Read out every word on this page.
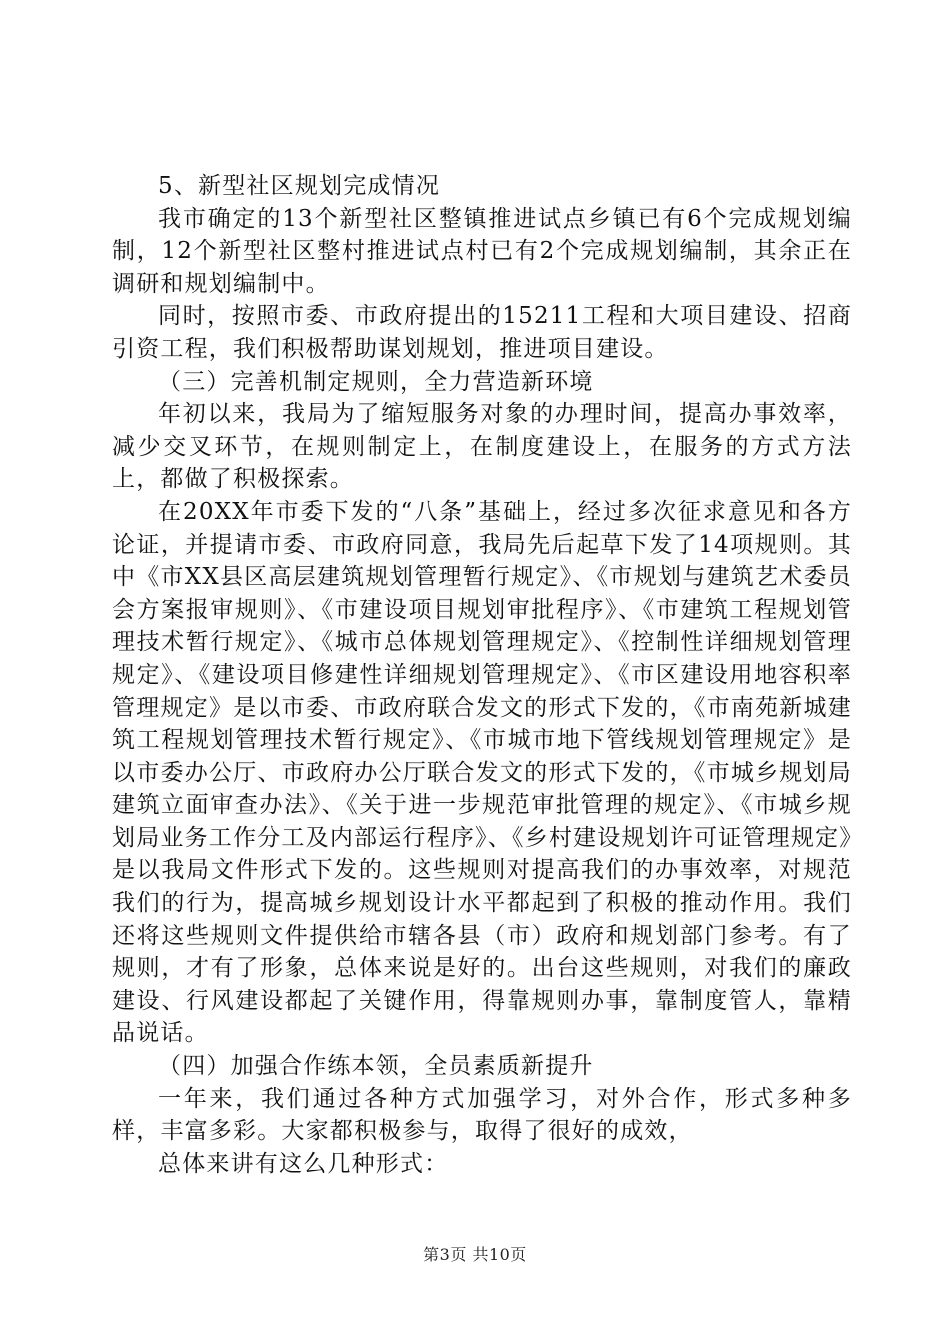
5、新型社区规划完成情况

我市确定的13个新型社区整镇推进试点乡镇已有6个完成规划编制，12个新型社区整村推进试点村已有2个完成规划编制，其余正在调研和规划编制中。

同时，按照市委、市政府提出的15211工程和大项目建设、招商引资工程，我们积极帮助谋划规划，推进项目建设。

（三）完善机制定规则，全力营造新环境

年初以来，我局为了缩短服务对象的办理时间，提高办事效率，减少交叉环节，在规则制定上，在制度建设上，在服务的方式方法上，都做了积极探索。

在20XX年市委下发的“八条”基础上，经过多次征求意见和各方论证，并提请市委、市政府同意，我局先后起草下发了14项规则。其中《市XX县区高层建筑规划管理暂行规定》、《市规划与建筑艺术委员会方案报审规则》、《市建设项目规划审批程序》、《市建筑工程规划管理技术暂行规定》、《城市总体规划管理规定》、《控制性详细规划管理规定》、《建设项目修建性详细规划管理规定》、《市区建设用地容积率管理规定》是以市委、市政府联合发文的形式下发的，《市南苑新城建筑工程规划管理技术暂行规定》、《市城市地下管线规划管理规定》是以市委办公厅、市政府办公厅联合发文的形式下发的，《市城乡规划局建筑立面审查办法》、《关于进一步规范审批管理的规定》、《市城乡规划局业务工作分工及内部运行程序》、《乡村建设规划许可证管理规定》是以我局文件形式下发的。这些规则对提高我们的办事效率，对规范我们的行为，提高城乡规划设计水平都起到了积极的推动作用。我们还将这些规则文件提供给市辖各县（市）政府和规划部门参考。有了规则，才有了形象，总体来说是好的。出台这些规则，对我们的廉政建设、行风建设都起了关键作用，得靠规则办事，靠制度管人，靠精品说话。

（四）加强合作练本领，全员素质新提升

一年来，我们通过各种方式加强学习，对外合作，形式多种多样，丰富多彩。大家都积极参与，取得了很好的成效，

总体来讲有这么几种形式：

第3页 共10页
